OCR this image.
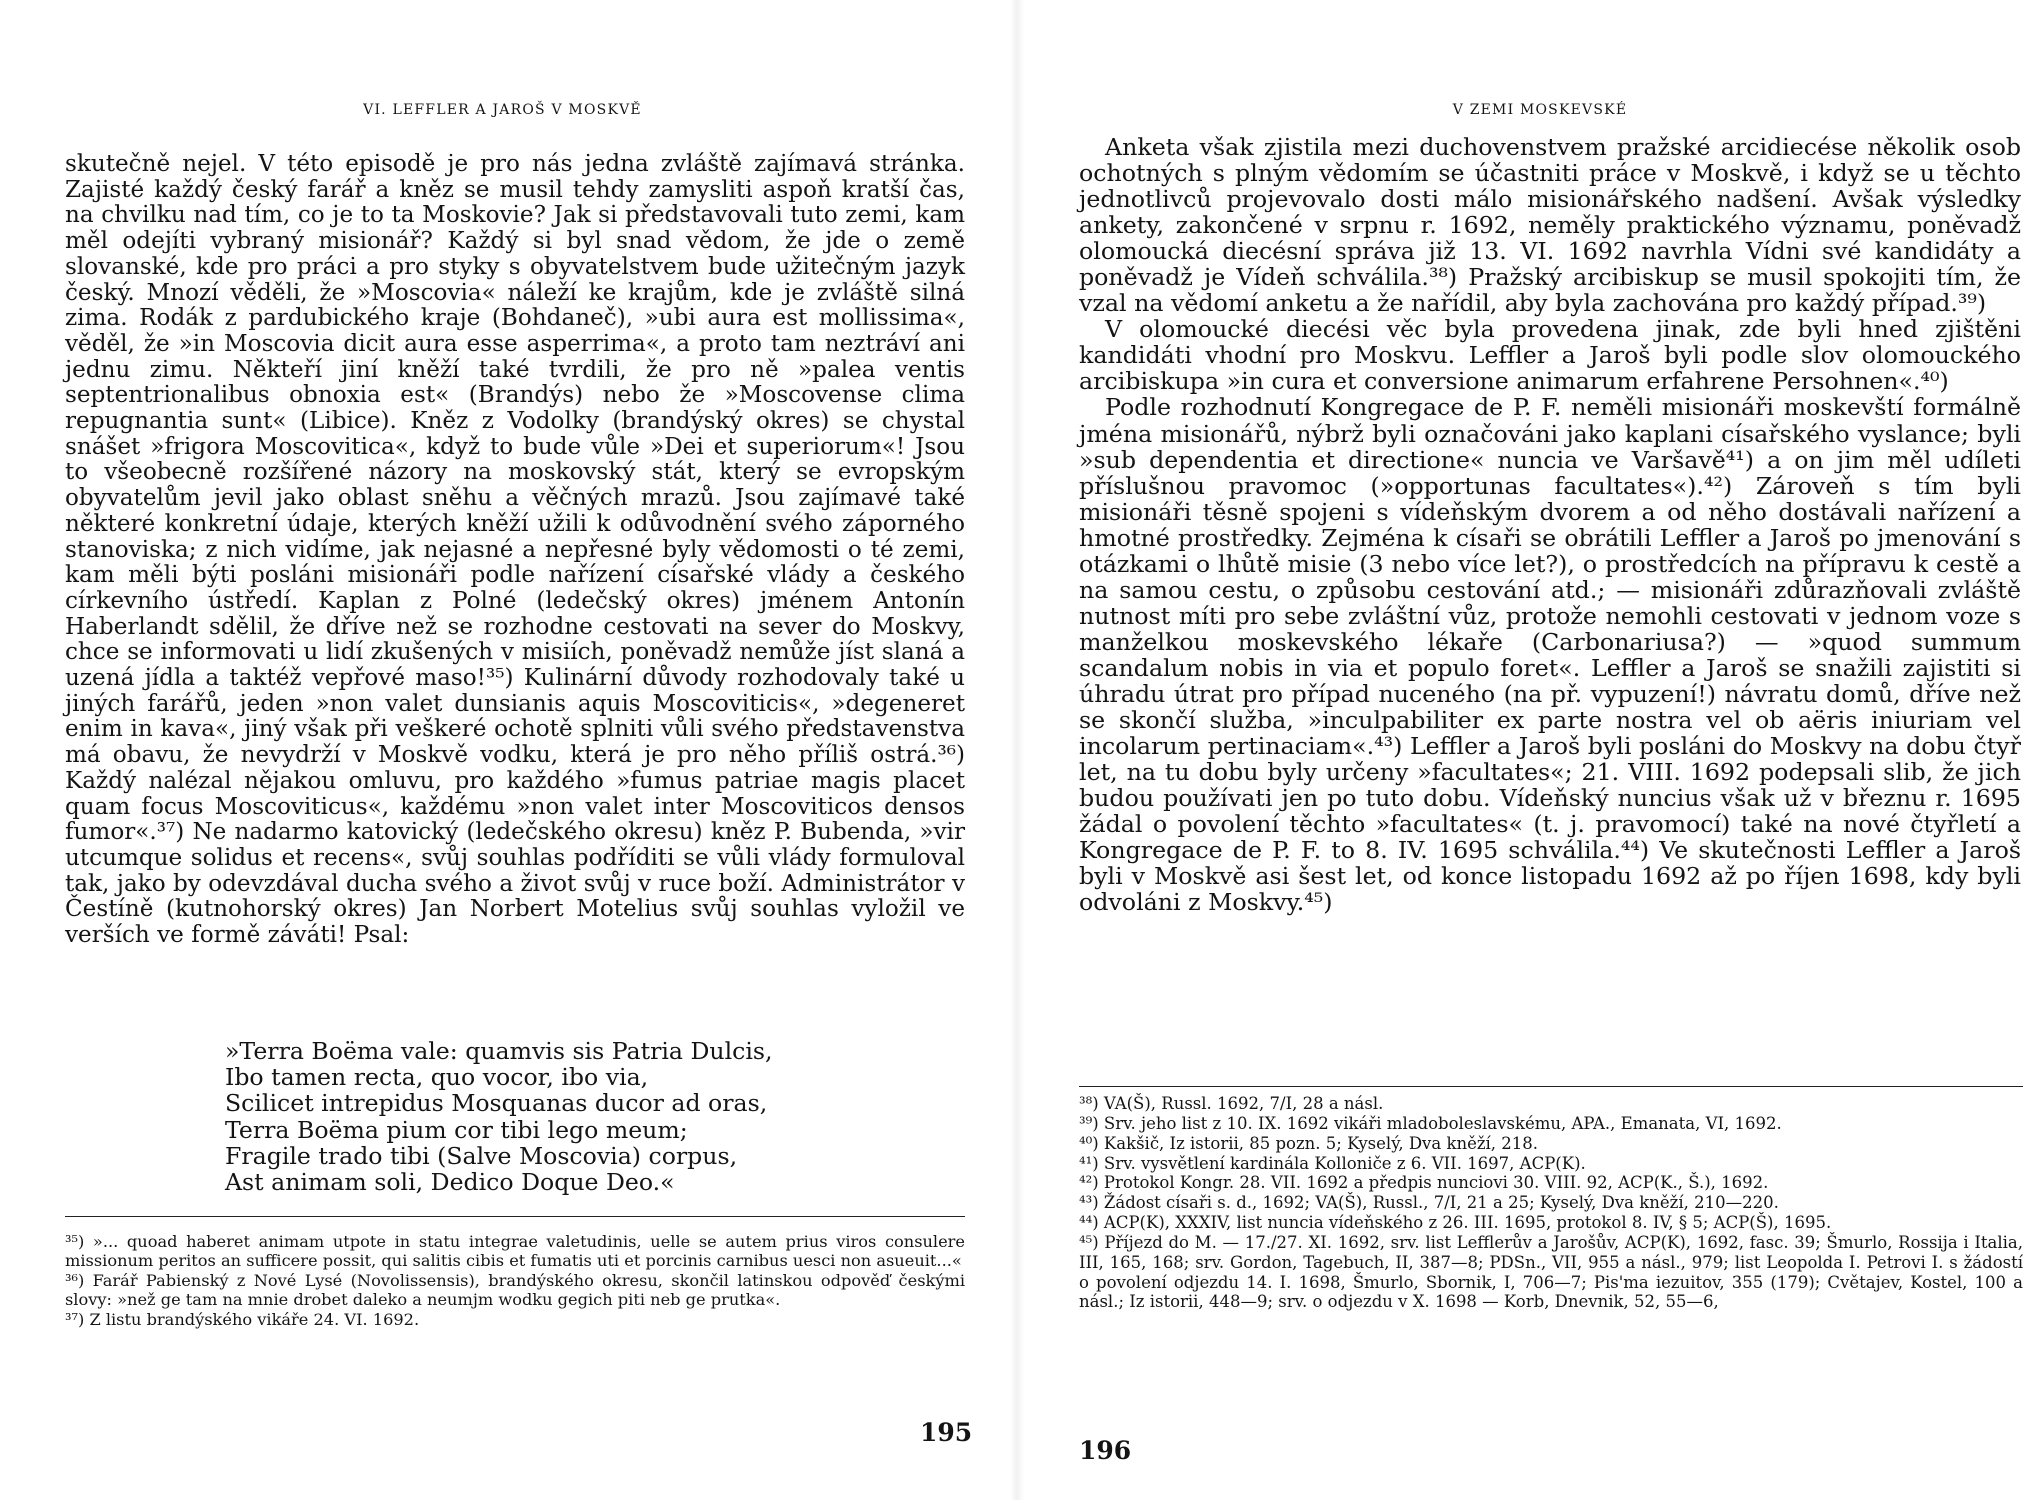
VI. LEFFLER A JAROŠ V MOSKVĚ

skutečně nejel. V této episodě je pro nás jedna zvláště zajímavá stránka. Zajisté každý český farář a kněz se musil tehdy zamysliti aspoň kratší čas, na chvilku nad tím, co je to ta Moskovie? Jak si představovali tuto zemi, kam měl odejíti vybraný misionář? Každý si byl snad vědom, že jde o země slovanské, kde pro práci a pro styky s obyvatelstvem bude užitečným jazyk český. Mnozí věděli, že »Moscovia« náleží ke krajům, kde je zvláště silná zima. Rodák z pardubického kraje (Bohdaneč), »ubi aura est mollissima«, věděl, že »in Moscovia dicit aura esse asperrima«, a proto tam neztráví ani jednu zimu. Někteří jiní kněží také tvrdili, že pro ně »palea ventis septentrionalibus obnoxia est« (Brandýs) nebo že »Moscovense clima repugnantia sunt« (Libice). Kněz z Vodolky (brandýský okres) se chystal snášet »frigora Moscovitica«, když to bude vůle »Dei et superiorum«! Jsou to všeobecně rozšířené názory na moskovský stát, který se evropským obyvatelům jevil jako oblast sněhu a věčných mrazů. Jsou zajímavé také některé konkretní údaje, kterých kněží užili k odůvodnění svého záporného stanoviska; z nich vidíme, jak nejasné a nepřesné byly vědomosti o té zemi, kam měli býti posláni misionáři podle nařízení císařské vlády a českého církevního ústředí. Kaplan z Polné (ledečský okres) jménem Antonín Haberlandt sdělil, že dříve než se rozhodne cestovati na sever do Moskvy, chce se informovati u lidí zkušených v misiích, poněvadž nemůže jíst slaná a uzená jídla a taktéž vepřové maso!³⁵) Kulinární důvody rozhodovaly také u jiných farářů, jeden »non valet dunsianis aquis Moscoviticis«, »degeneret enim in kava«, jiný však při veškeré ochotě splniti vůli svého představenstva má obavu, že nevydrží v Moskvě vodku, která je pro něho příliš ostrá.³⁶) Každý nalézal nějakou omluvu, pro každého »fumus patriae magis placet quam focus Moscoviticus«, každému »non valet inter Moscoviticos densos fumor«.³⁷) Ne nadarmo katovický (ledečského okresu) kněz P. Bubenda, »vir utcumque solidus et recens«, svůj souhlas podříditi se vůli vlády formuloval tak, jako by odevzdával ducha svého a život svůj v ruce boží. Administrátor v Čestíně (kutnohorský okres) Jan Norbert Motelius svůj souhlas vyložil ve verších ve formě záváti! Psal:

»Terra Boëma vale: quamvis sis Patria Dulcis,
Ibo tamen recta, quo vocor, ibo via,
Scilicet intrepidus Mosquanas ducor ad oras,
Terra Boëma pium cor tibi lego meum;
Fragile trado tibi (Salve Moscovia) corpus,
Ast animam soli, Dedico Doque Deo.«

³⁵) »... quoad haberet animam utpote in statu integrae valetudinis, uelle se autem prius viros consulere missionum peritos an sufficere possit, qui salitis cibis et fumatis uti et porcinis carnibus uesci non asueuit...«

³⁶) Farář Pabienský z Nové Lysé (Novolissensis), brandýského okresu, skončil latinskou odpověď českými slovy: »než ge tam na mnie drobet daleko a neumjm wodku gegich piti neb ge prutka«.

³⁷) Z listu brandýského vikáře 24. VI. 1692.

195
V ZEMI MOSKEVSKÉ

Anketa však zjistila mezi duchovenstvem pražské arcidiecése několik osob ochotných s plným vědomím se účastniti práce v Moskvě, i když se u těchto jednotlivců projevovalo dosti málo misionářského nadšení. Avšak výsledky ankety, zakončené v srpnu r. 1692, neměly praktického významu, poněvadž olomoucká diecésní správa již 13. VI. 1692 navrhla Vídni své kandidáty a poněvadž je Vídeň schválila.³⁸) Pražský arcibiskup se musil spokojiti tím, že vzal na vědomí anketu a že nařídil, aby byla zachována pro každý případ.³⁹)

V olomoucké diecési věc byla provedena jinak, zde byli hned zjištěni kandidáti vhodní pro Moskvu. Leffler a Jaroš byli podle slov olomouckého arcibiskupa »in cura et conversione animarum erfahrene Persohnen«.⁴⁰)

Podle rozhodnutí Kongregace de P. F. neměli misionáři moskevští formálně jména misionářů, nýbrž byli označováni jako kaplani císařského vyslance; byli »sub dependentia et directione« nuncia ve Varšavě⁴¹) a on jim měl udíleti příslušnou pravomoc (»opportunas facultates«).⁴²) Zároveň s tím byli misionáři těsně spojeni s vídeňským dvorem a od něho dostávali nařízení a hmotné prostředky. Zejména k císaři se obrátili Leffler a Jaroš po jmenování s otázkami o lhůtě misie (3 nebo více let?), o prostředcích na přípravu k cestě a na samou cestu, o způsobu cestování atd.; — misionáři zdůrazňovali zvláště nutnost míti pro sebe zvláštní vůz, protože nemohli cestovati v jednom voze s manželkou moskevského lékaře (Carbonariusa?) — »quod summum scandalum nobis in via et populo foret«. Leffler a Jaroš se snažili zajistiti si úhradu útrat pro případ nuceného (na př. vypuzení!) návratu domů, dříve než se skončí služba, »inculpabiliter ex parte nostra vel ob aëris iniuriam vel incolarum pertinaciam«.⁴³) Leffler a Jaroš byli posláni do Moskvy na dobu čtyř let, na tu dobu byly určeny »facultates«; 21. VIII. 1692 podepsali slib, že jich budou používati jen po tuto dobu. Vídeňský nuncius však už v březnu r. 1695 žádal o povolení těchto »facultates« (t. j. pravomocí) také na nové čtyřletí a Kongregace de P. F. to 8. IV. 1695 schválila.⁴⁴) Ve skutečnosti Leffler a Jaroš byli v Moskvě asi šest let, od konce listopadu 1692 až po říjen 1698, kdy byli odvoláni z Moskvy.⁴⁵)

³⁸) VA(Š), Russl. 1692, 7/I, 28 a násl.

³⁹) Srv. jeho list z 10. IX. 1692 vikáři mladoboleslavskému, APA., Emanata, VI, 1692.

⁴⁰) Kakšič, Iz istorii, 85 pozn. 5; Kyselý, Dva kněží, 218.

⁴¹) Srv. vysvětlení kardinála Kolloniče z 6. VII. 1697, ACP(K).

⁴²) Protokol Kongr. 28. VII. 1692 a předpis nunciovi 30. VIII. 92, ACP(K., Š.), 1692.

⁴³) Žádost císaři s. d., 1692; VA(Š), Russl., 7/I, 21 a 25; Kyselý, Dva kněží, 210—220.

⁴⁴) ACP(K), XXXIV, list nuncia vídeňského z 26. III. 1695, protokol 8. IV, § 5; ACP(Š), 1695.

⁴⁵) Příjezd do M. — 17./27. XI. 1692, srv. list Lefflerův a Jarošův, ACP(K), 1692, fasc. 39; Šmurlo, Rossija i Italia, III, 165, 168; srv. Gordon, Tagebuch, II, 387—8; PDSn., VII, 955 a násl., 979; list Leopolda I. Petrovi I. s žádostí o povolení odjezdu 14. I. 1698, Šmurlo, Sbornik, I, 706—7; Pis'ma iezuitov, 355 (179); Cvětajev, Kostel, 100 a násl.; Iz istorii, 448—9; srv. o odjezdu v X. 1698 — Korb, Dnevnik, 52, 55—6,

196
